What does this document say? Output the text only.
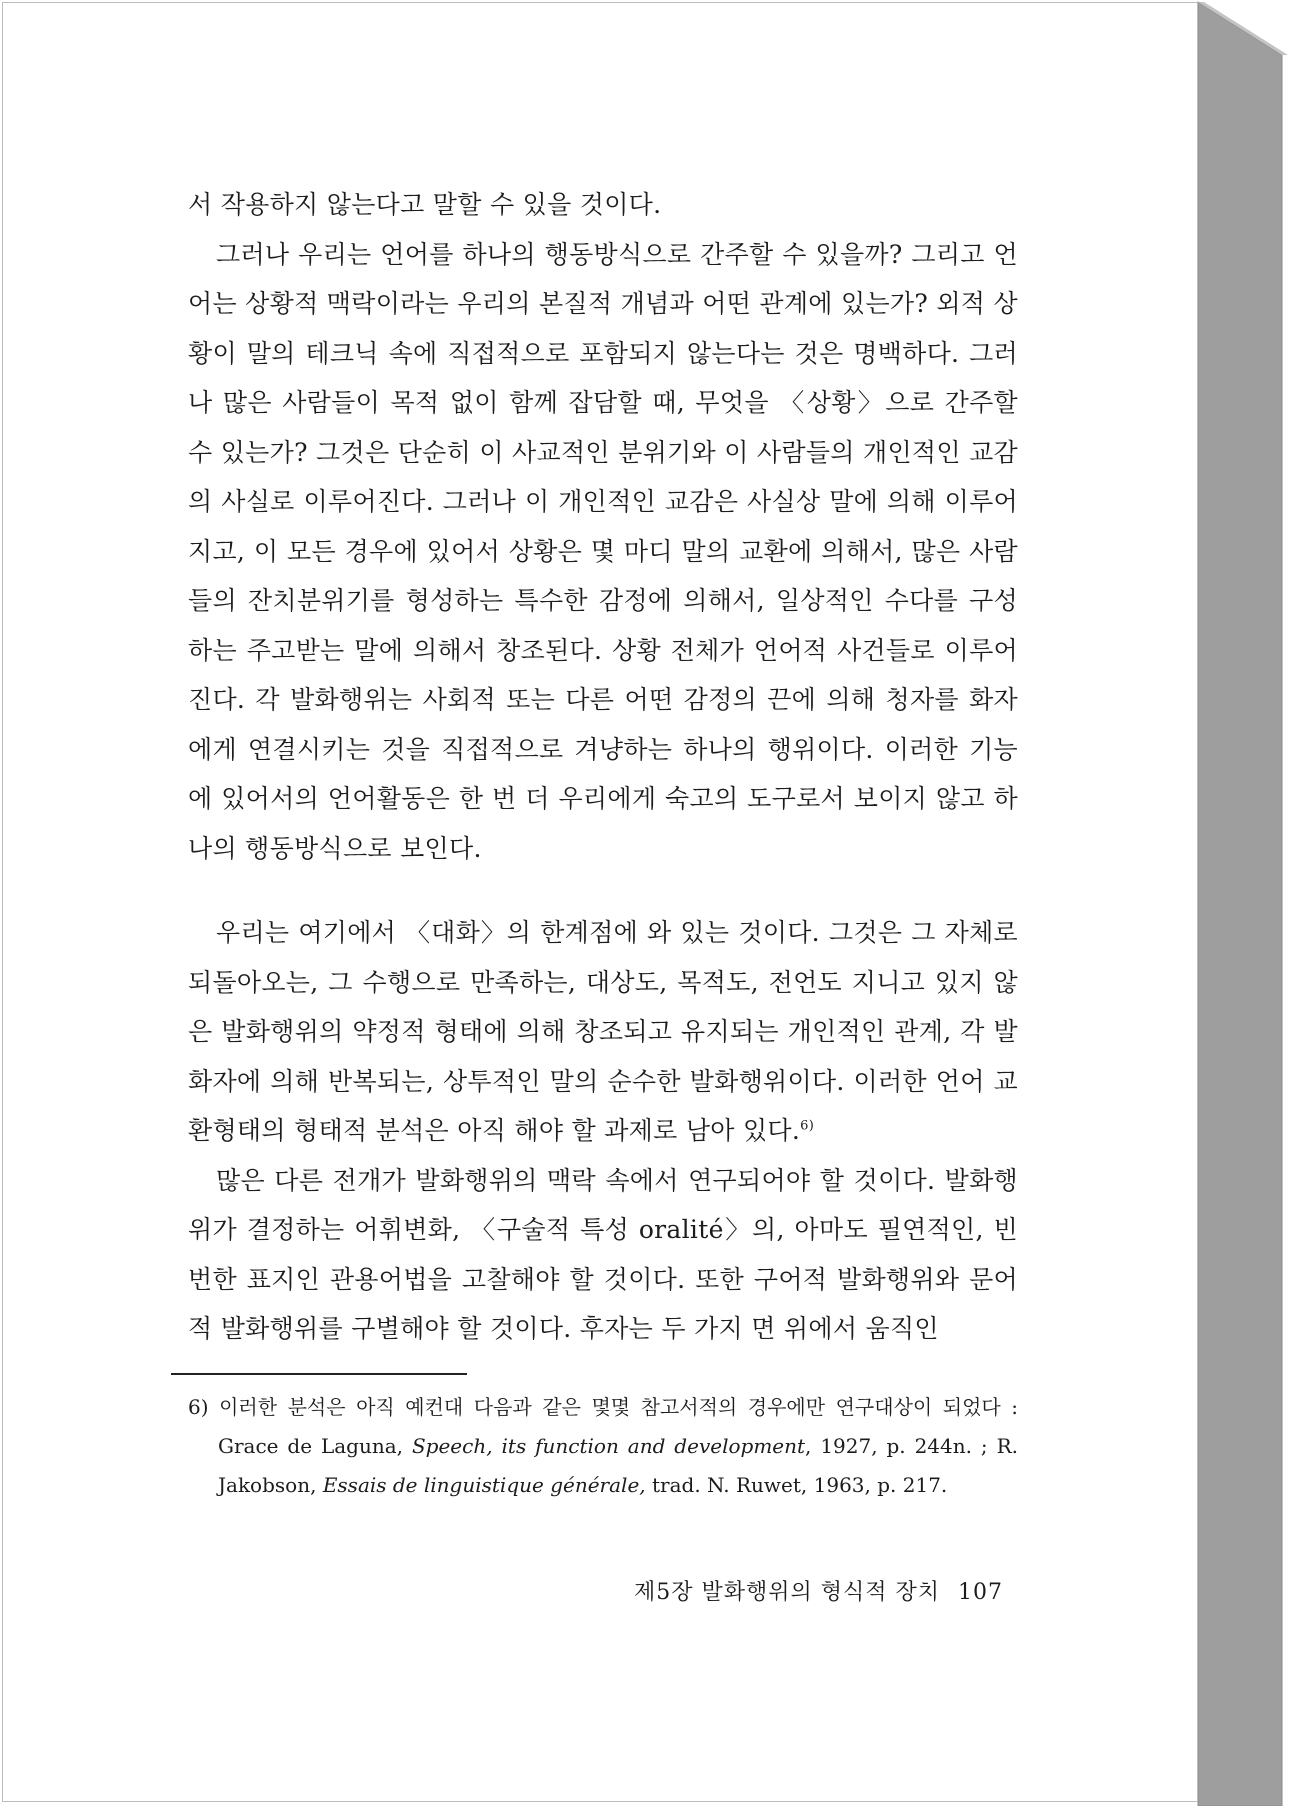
서 작용하지 않는다고 말할 수 있을 것이다.

그러나 우리는 언어를 하나의 행동방식으로 간주할 수 있을까? 그리고 언어는 상황적 맥락이라는 우리의 본질적 개념과 어떤 관계에 있는가? 외적 상황이 말의 테크닉 속에 직접적으로 포함되지 않는다는 것은 명백하다. 그러나 많은 사람들이 목적 없이 함께 잡담할 때, 무엇을 〈상황〉으로 간주할 수 있는가? 그것은 단순히 이 사교적인 분위기와 이 사람들의 개인적인 교감의 사실로 이루어진다. 그러나 이 개인적인 교감은 사실상 말에 의해 이루어지고, 이 모든 경우에 있어서 상황은 몇 마디 말의 교환에 의해서, 많은 사람들의 잔치분위기를 형성하는 특수한 감정에 의해서, 일상적인 수다를 구성하는 주고받는 말에 의해서 창조된다. 상황 전체가 언어적 사건들로 이루어진다. 각 발화행위는 사회적 또는 다른 어떤 감정의 끈에 의해 청자를 화자에게 연결시키는 것을 직접적으로 겨냥하는 하나의 행위이다. 이러한 기능에 있어서의 언어활동은 한 번 더 우리에게 숙고의 도구로서 보이지 않고 하나의 행동방식으로 보인다.

우리는 여기에서 〈대화〉의 한계점에 와 있는 것이다. 그것은 그 자체로 되돌아오는, 그 수행으로 만족하는, 대상도, 목적도, 전언도 지니고 있지 않은 발화행위의 약정적 형태에 의해 창조되고 유지되는 개인적인 관계, 각 발화자에 의해 반복되는, 상투적인 말의 순수한 발화행위이다. 이러한 언어 교환형태의 형태적 분석은 아직 해야 할 과제로 남아 있다.$^{6)}$

많은 다른 전개가 발화행위의 맥락 속에서 연구되어야 할 것이다. 발화행위가 결정하는 어휘변화, 〈구술적 특성 oralité〉의, 아마도 필연적인, 빈번한 표지인 관용어법을 고찰해야 할 것이다. 또한 구어적 발화행위와 문어적 발화행위를 구별해야 할 것이다. 후자는 두 가지 면 위에서 움직인

6) 이러한 분석은 아직 예컨대 다음과 같은 몇몇 참고서적의 경우에만 연구대상이 되었다 : Grace de Laguna, Speech, its function and development, 1927, p. 244n. ; R. Jakobson, Essais de linguistique générale, trad. N. Ruwet, 1963, p. 217.

제5장 발화행위의 형식적 장치 107
